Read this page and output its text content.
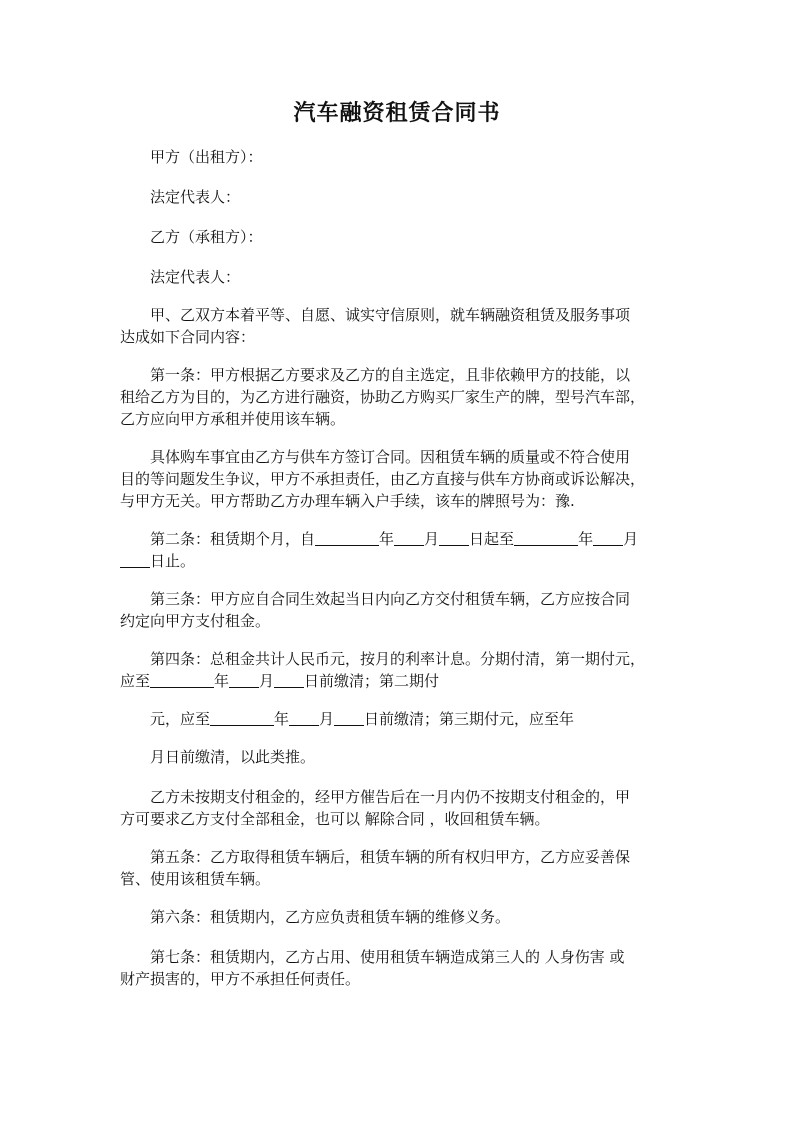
汽车融资租赁合同书
甲方（出租方）：
法定代表人：
乙方（承租方）：
法定代表人：
甲、乙双方本着平等、自愿、诚实守信原则，就车辆融资租赁及服务事项
达成如下合同内容：
第一条：甲方根据乙方要求及乙方的自主选定，且非依赖甲方的技能，以
租给乙方为目的，为乙方进行融资，协助乙方购买厂家生产的牌，型号汽车部，
乙方应向甲方承租并使用该车辆。
具体购车事宜由乙方与供车方签订合同。因租赁车辆的质量或不符合使用
目的等问题发生争议，甲方不承担责任，由乙方直接与供车方协商或诉讼解决，
与甲方无关。甲方帮助乙方办理车辆入户手续，该车的牌照号为：豫.
第二条：租赁期个月，自	年 月 日起至	年 月
日止。
第三条：甲方应自合同生效起当日内向乙方交付租赁车辆，乙方应按合同
约定向甲方支付租金。
第四条：总租金共计人民币元，按月的利率计息。分期付清，第一期付元，
应至	年 月 日前缴清；第二期付
元，应至	年 月 日前缴清；第三期付元，应至年
月日前缴清，以此类推。
乙方未按期支付租金的，经甲方催告后在一月内仍不按期支付租金的，甲
方可要求乙方支付全部租金，也可以 解除合同 ，收回租赁车辆。
第五条：乙方取得租赁车辆后，租赁车辆的所有权归甲方，乙方应妥善保
管、使用该租赁车辆。
第六条：租赁期内，乙方应负责租赁车辆的维修义务。
第七条：租赁期内，乙方占用、使用租赁车辆造成第三人的 人身伤害 或
财产损害的，甲方不承担任何责任。
